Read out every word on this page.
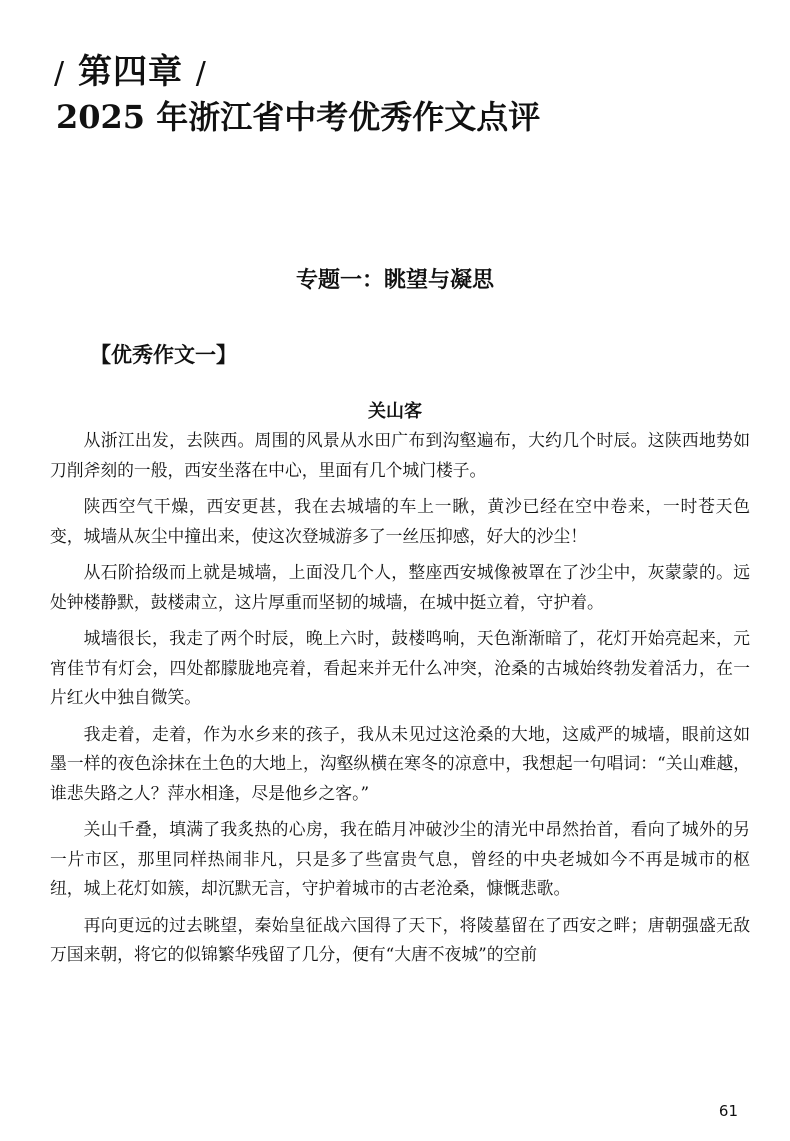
/ 第四章 /
2025 年浙江省中考优秀作文点评
专题一：眺望与凝思
【优秀作文一】
关山客

从浙江出发，去陕西。周围的风景从水田广布到沟壑遍布，大约几个时辰。这陕西地势如刀削斧刻的一般，西安坐落在中心，里面有几个城门楼子。

陕西空气干燥，西安更甚，我在去城墙的车上一瞅，黄沙已经在空中卷来，一时苍天色变，城墙从灰尘中撞出来，使这次登城游多了一丝压抑感，好大的沙尘！

从石阶拾级而上就是城墙，上面没几个人，整座西安城像被罩在了沙尘中，灰蒙蒙的。远处钟楼静默，鼓楼肃立，这片厚重而坚韧的城墙，在城中挺立着，守护着。

城墙很长，我走了两个时辰，晚上六时，鼓楼鸣响，天色渐渐暗了，花灯开始亮起来，元宵佳节有灯会，四处都朦胧地亮着，看起来并无什么冲突，沧桑的古城始终勃发着活力，在一片红火中独自微笑。

我走着，走着，作为水乡来的孩子，我从未见过这沧桑的大地，这威严的城墙，眼前这如墨一样的夜色涂抹在土色的大地上，沟壑纵横在寒冬的凉意中，我想起一句唱词：“关山难越，谁悲失路之人？萍水相逢，尽是他乡之客。”

关山千叠，填满了我炙热的心房，我在皓月冲破沙尘的清光中昂然抬首，看向了城外的另一片市区，那里同样热闹非凡，只是多了些富贵气息，曾经的中央老城如今不再是城市的枢纽，城上花灯如簇，却沉默无言，守护着城市的古老沧桑，慷慨悲歌。

再向更远的过去眺望，秦始皇征战六国得了天下，将陵墓留在了西安之畔；唐朝强盛无敌万国来朝，将它的似锦繁华残留了几分，便有“大唐不夜城”的空前

61
